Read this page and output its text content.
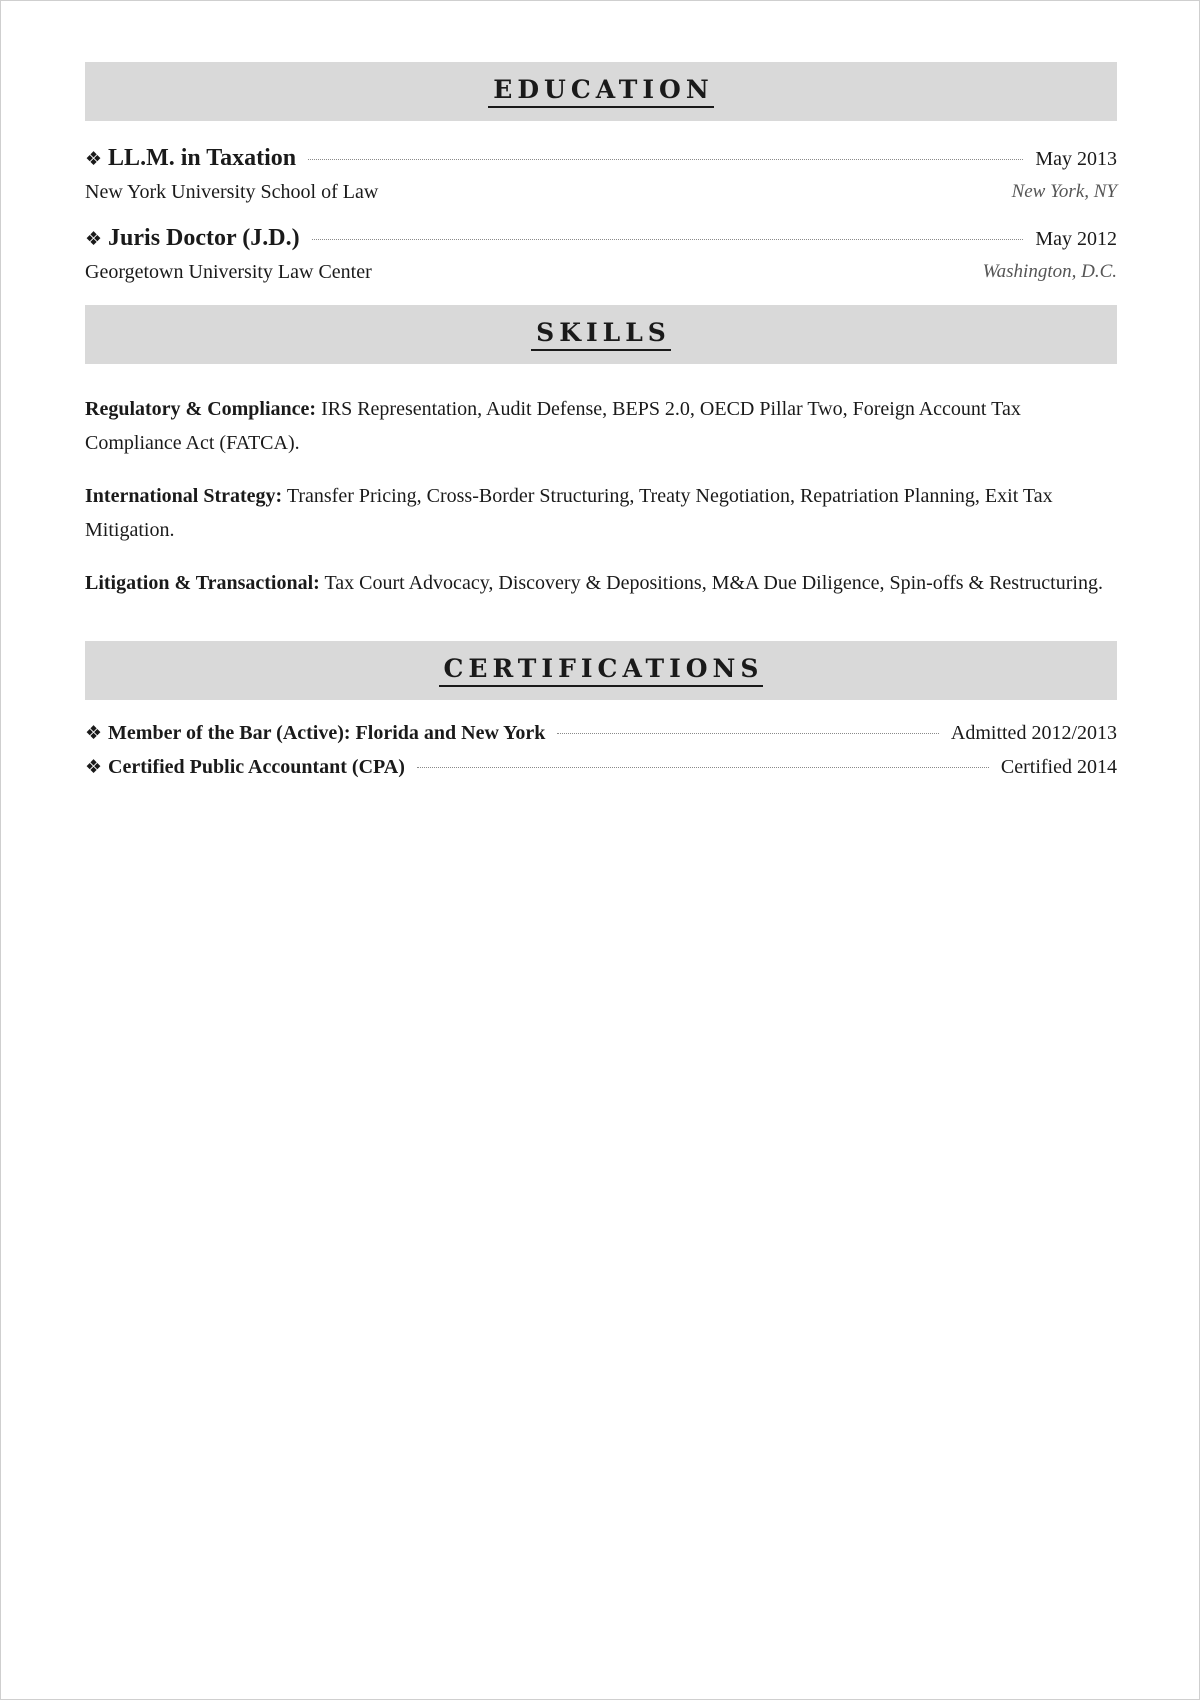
EDUCATION
❖ LL.M. in Taxation	May 2013
New York University School of Law	New York, NY
❖ Juris Doctor (J.D.)	May 2012
Georgetown University Law Center	Washington, D.C.
SKILLS

Regulatory & Compliance: IRS Representation, Audit Defense, BEPS 2.0, OECD Pillar Two, Foreign Account Tax Compliance Act (FATCA).

International Strategy: Transfer Pricing, Cross-Border Structuring, Treaty Negotiation, Repatriation Planning, Exit Tax Mitigation.

Litigation & Transactional: Tax Court Advocacy, Discovery & Depositions, M&A Due Diligence, Spin-offs & Restructuring.

CERTIFICATIONS
❖ Member of the Bar (Active): Florida and New York	Admitted 2012/2013
❖ Certified Public Accountant (CPA)	Certified 2014
